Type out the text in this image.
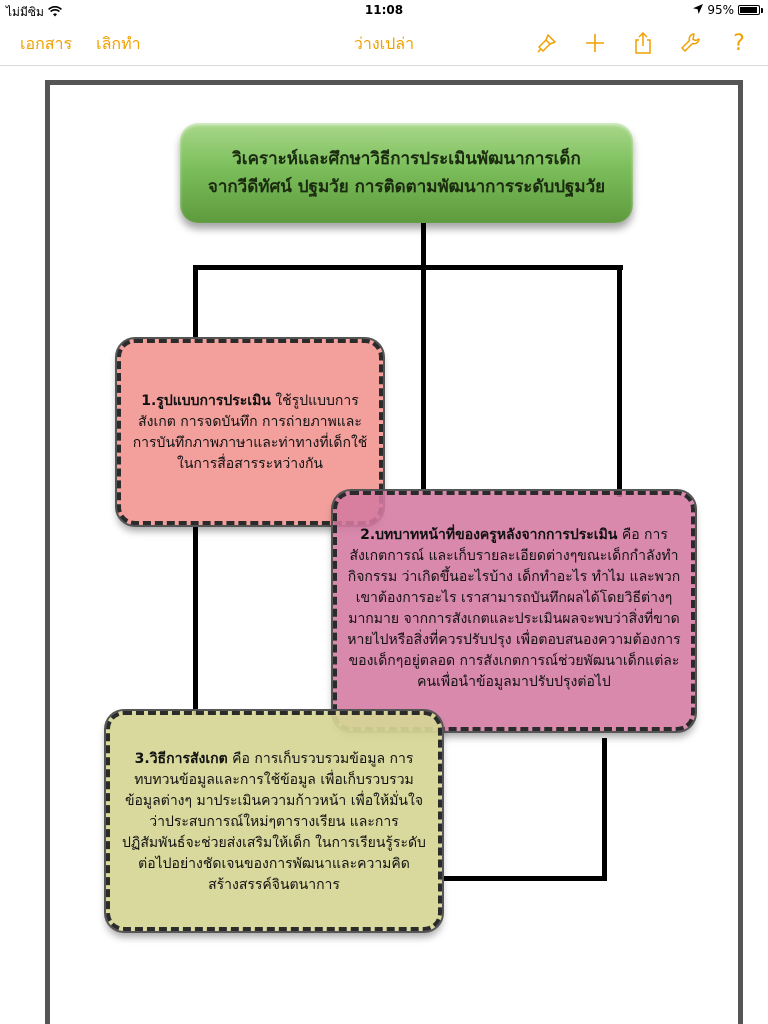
ไม่มีซิม	11:08	95%
เอกสาร เลิกทำ	ว่างเปล่า	?
วิเคราะห์และศึกษาวิธีการประเมินพัฒนาการเด็ก
จากวีดีทัศน์ ปฐมวัย การติดตามพัฒนาการระดับปฐมวัย
1.รูปแบบการประเมิน ใช้รูปแบบการสังเกต การจดบันทึก การถ่ายภาพและการบันทึกภาพภาษาและท่าทางที่เด็กใช้ในการสื่อสารระหว่างกัน
2.บทบาทหน้าที่ของครูหลังจากการประเมิน คือ การสังเกตการณ์ และเก็บรายละเอียดต่างๆขณะเด็กกำลังทำกิจกรรม ว่าเกิดขึ้นอะไรบ้าง เด็กทำอะไร ทำไม และพวกเขาต้องการอะไร เราสามารถบันทึกผลได้โดยวิธีต่างๆมากมาย จากการสังเกตและประเมินผลจะพบว่าสิ่งที่ขาดหายไปหรือสิ่งที่ควรปรับปรุง เพื่อตอบสนองความต้องการของเด็กๆอยู่ตลอด การสังเกตการณ์ช่วยพัฒนาเด็กแต่ละคนเพื่อนำข้อมูลมาปรับปรุงต่อไป
3.วิธีการสังเกต คือ การเก็บรวบรวมข้อมูล การทบทวนข้อมูลและการใช้ข้อมูล เพื่อเก็บรวบรวมข้อมูลต่างๆ มาประเมินความก้าวหน้า เพื่อให้มั่นใจว่าประสบการณ์ใหม่ๆตารางเรียน และการปฏิสัมพันธ์จะช่วยส่งเสริมให้เด็ก ในการเรียนรู้ระดับต่อไปอย่างชัดเจนของการพัฒนาและความคิดสร้างสรรค์จินตนาการ
